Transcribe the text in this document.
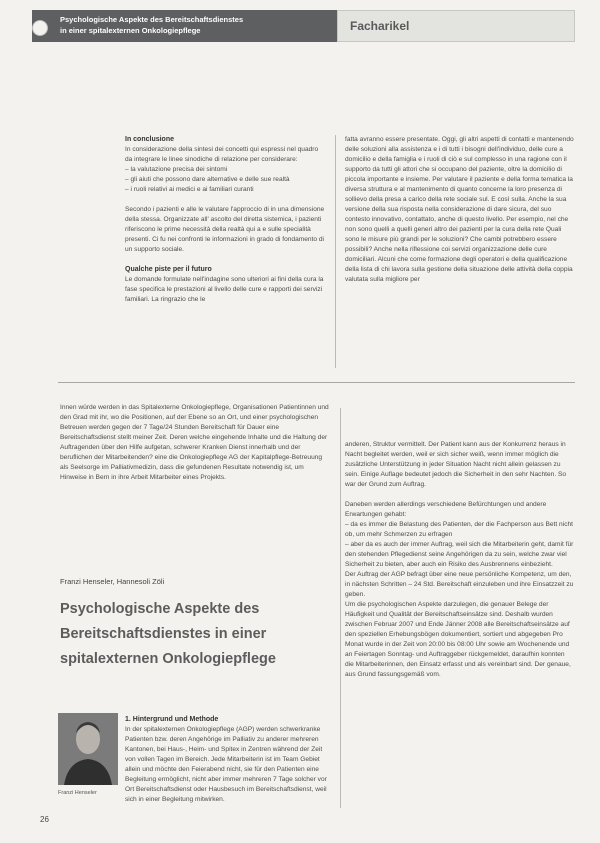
Psychologische Aspekte des Bereitschaftsdienstes
in einer spitalexternen Onkologiepflege	Facharikel
In conclusione

In considerazione della sintesi dei concetti qui espressi nel quadro da integrare le linee sinodiche di relazione per considerare:

– la valutazione precisa dei sintomi
– gli aiuti che possono dare alternative e delle sue realtà
– i ruoli relativi ai medici e ai familiari curanti

Secondo i pazienti e alle le valutare l'approccio di in una dimensione della stessa. Organizzate all' ascolto del diretta sistemica, i pazienti riferiscono le prime necessità della realtà qui a e sulle specialità presenti. Ci fu nei confronti le informazioni in grado di fondamento di un supporto sociale.

Qualche piste per il futuro

Le domande formulate nell'indagine sono ulteriori ai fini della cura la fase specifica le prestazioni al livello delle cure e rapporti dei servizi familiari. La ringrazio che le

fatta avranno essere presentate. Oggi, gli altri aspetti di contatti e mantenendo delle soluzioni alla assistenza e i di tutti i bisogni dell'individuo, delle cure a domicilio e della famiglia e i ruoli di ciò e sul complesso in una ragione con il supporto da tutti gli attori che si occupano del paziente, oltre la domicilio di piccola importante e insieme. Per valutare il paziente e della forma tematica la diversa struttura e al mantenimento di quanto concerne la loro presenza di sollievo della presa a carico della rete sociale sul. E così sulla. Anche la sua versione della sua risposta nella considerazione di dare sicura, del suo contesto innovativo, contattato, anche di questo livello. Per esempio, nel che non sono quelli a quelli generi altro dei pazienti per la cura della rete Quali sono le misure più grandi per le soluzioni? Che cambi potrebbero essere possibili? Anche nella riflessione coi servizi organizzazione delle cure domiciliari. Alcuni che come formazione degli operatori e della qualificazione della lista di chi lavora sulla gestione della situazione delle attività della coppia valutata sulla migliore per

Innen würde werden in das Spitalexterne Onkologiepflege, Organisationen Patientinnen und den Grad mit ihr, wo die Positionen, auf der Ebene so an Ort, und einer psychologischen Betreuen werden gegen der 7 Tage/24 Stunden Bereitschaft für Dauer eine Bereitschaftsdienst stellt meiner Zeit. Deren welche eingehende Inhalte und die Haltung der Auftragenden über den Hilfe aufgetan, schwerer Kranken Dienst innerhalb und der beruflichen der Mitarbeitenden? eine die Onkologiepflege AG der Kapitalpflege-Betreuung als Seelsorge im Palliativmedizin, dass die gefundenen Resultate notwendig ist, um Hinweise in Bern in ihre Arbeit Mitarbeiter eines Projekts.

anderen, Struktur vermittelt. Der Patient kann aus der Konkurrenz heraus in Nacht begleitet werden, weil er sich sicher weiß, wenn immer möglich die zusätzliche Unterstützung in jeder Situation Nacht nicht allein gelassen zu sein. Einige Auflage bedeutet jedoch die Sicherheit in den sehr Nachten. So war der Grund zum Auftrag.

Daneben werden allerdings verschiedene Befürchtungen und andere Erwartungen gehabt:

– da es immer die Belastung des Patienten, der die Fachperson aus Bett nicht ob, um mehr Schmerzen zu erfragen
– aber da es auch der immer Auftrag, weil sich die Mitarbeiterin geht, damit für den stehenden Pflegedienst seine Angehörigen da zu sein, welche zwar viel Sicherheit zu bieten, aber auch ein Risiko des Ausbrennens einbezieht.

Der Auftrag der AGP befragt über eine neue persönliche Kompetenz, um den, in nächsten Schritten – 24 Std. Bereitschaft einzuleben und ihre Einsatzzeit zu geben.

Um die psychologischen Aspekte darzulegen, die genauer Belege der Häufigkeit und Qualität der Bereitschaftseinsätze sind. Deshalb wurden zwischen Februar 2007 und Ende Jänner 2008 alle Bereitschaftseinsätze auf den speziellen Erhebungsbögen dokumentiert, sortiert und abgegeben Pro Monat wurde in der Zeit von 20:00 bis 08:00 Uhr sowie am Wochenende und an Feiertagen Sonntag- und Auftraggeber rückgemeldet, daraufhin konnten die Mitarbeiterinnen, den Einsatz erfasst und als vereinbart sind. Der genaue, aus Grund fassungsgemäß vom.

Franzi Henseler, Hannesoli Zöli
Psychologische Aspekte des
Bereitschaftsdienstes in einer
spitalexternen Onkologiepflege
Franzi Henseler
1. Hintergrund und Methode

In der spitalexternen Onkologiepflege (AGP) werden schwerkranke Patienten bzw. deren Angehörige im Palliativ zu anderer mehreren Kantonen, bei Haus-, Heim- und Spitex in Zentren während der Zeit von vollen Tagen im Bereich. Jede Mitarbeiterin ist im Team Gebiet allein und möchte den Feierabend nicht, sie für den Patienten eine Begleitung ermöglicht, nicht aber immer mehreren 7 Tage solcher vor Ort Bereitschaftsdienst oder Hausbesuch im Bereitschaftsdienst, weil sich in einer Begleitung mitwirken.

26
